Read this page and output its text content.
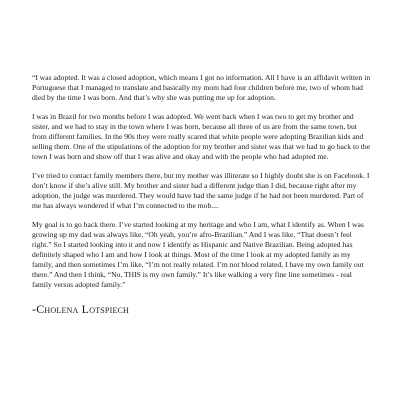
“I was adopted. It was a closed adoption, which means I got no information. All I have is an affidavit written in Portuguese that I managed to translate and basically my mom had four children before me, two of whom had died by the time I was born. And that’s why she was putting me up for adoption.

I was in Brazil for two months before I was adopted. We went back when I was two to get my brother and sister, and we had to stay in the town where I was born, because all three of us are from the same town, but from different families. In the 90s they were really scared that white people were adopting Brazilian kids and selling them. One of the stipulations of the adoption for my brother and sister was that we had to go back to the town I was born and show off that I was alive and okay and with the people who had adopted me.

I’ve tried to contact family members there, but my mother was illiterate so I highly doubt she is on Facebook. I don’t know if she’s alive still. My brother and sister had a different judge than I did, because right after my adoption, the judge was murdered. They would have had the same judge if he had not been murdered. Part of me has always wondered if what I’m connected to the mob....

My goal is to go back there. I’ve started looking at my heritage and who I am, what I identify as. When I was growing up my dad was always like, “Oh yeah, you’re afro-Brazilian.” And I was like, “That doesn’t feel right.” So I started looking into it and now I identify as Hispanic and Native Brazilian. Being adopted has definitely shaped who I am and how I look at things. Most of the time I look at my adopted family as my family, and then sometimes I’m like, “I’m not really related. I’m not blood related, I have my own family out there.” And then I think, “No, THIS is my own family.” It’s like walking a very fine line sometimes - real family versus adopted family.”

-Cholena Lotspiech
